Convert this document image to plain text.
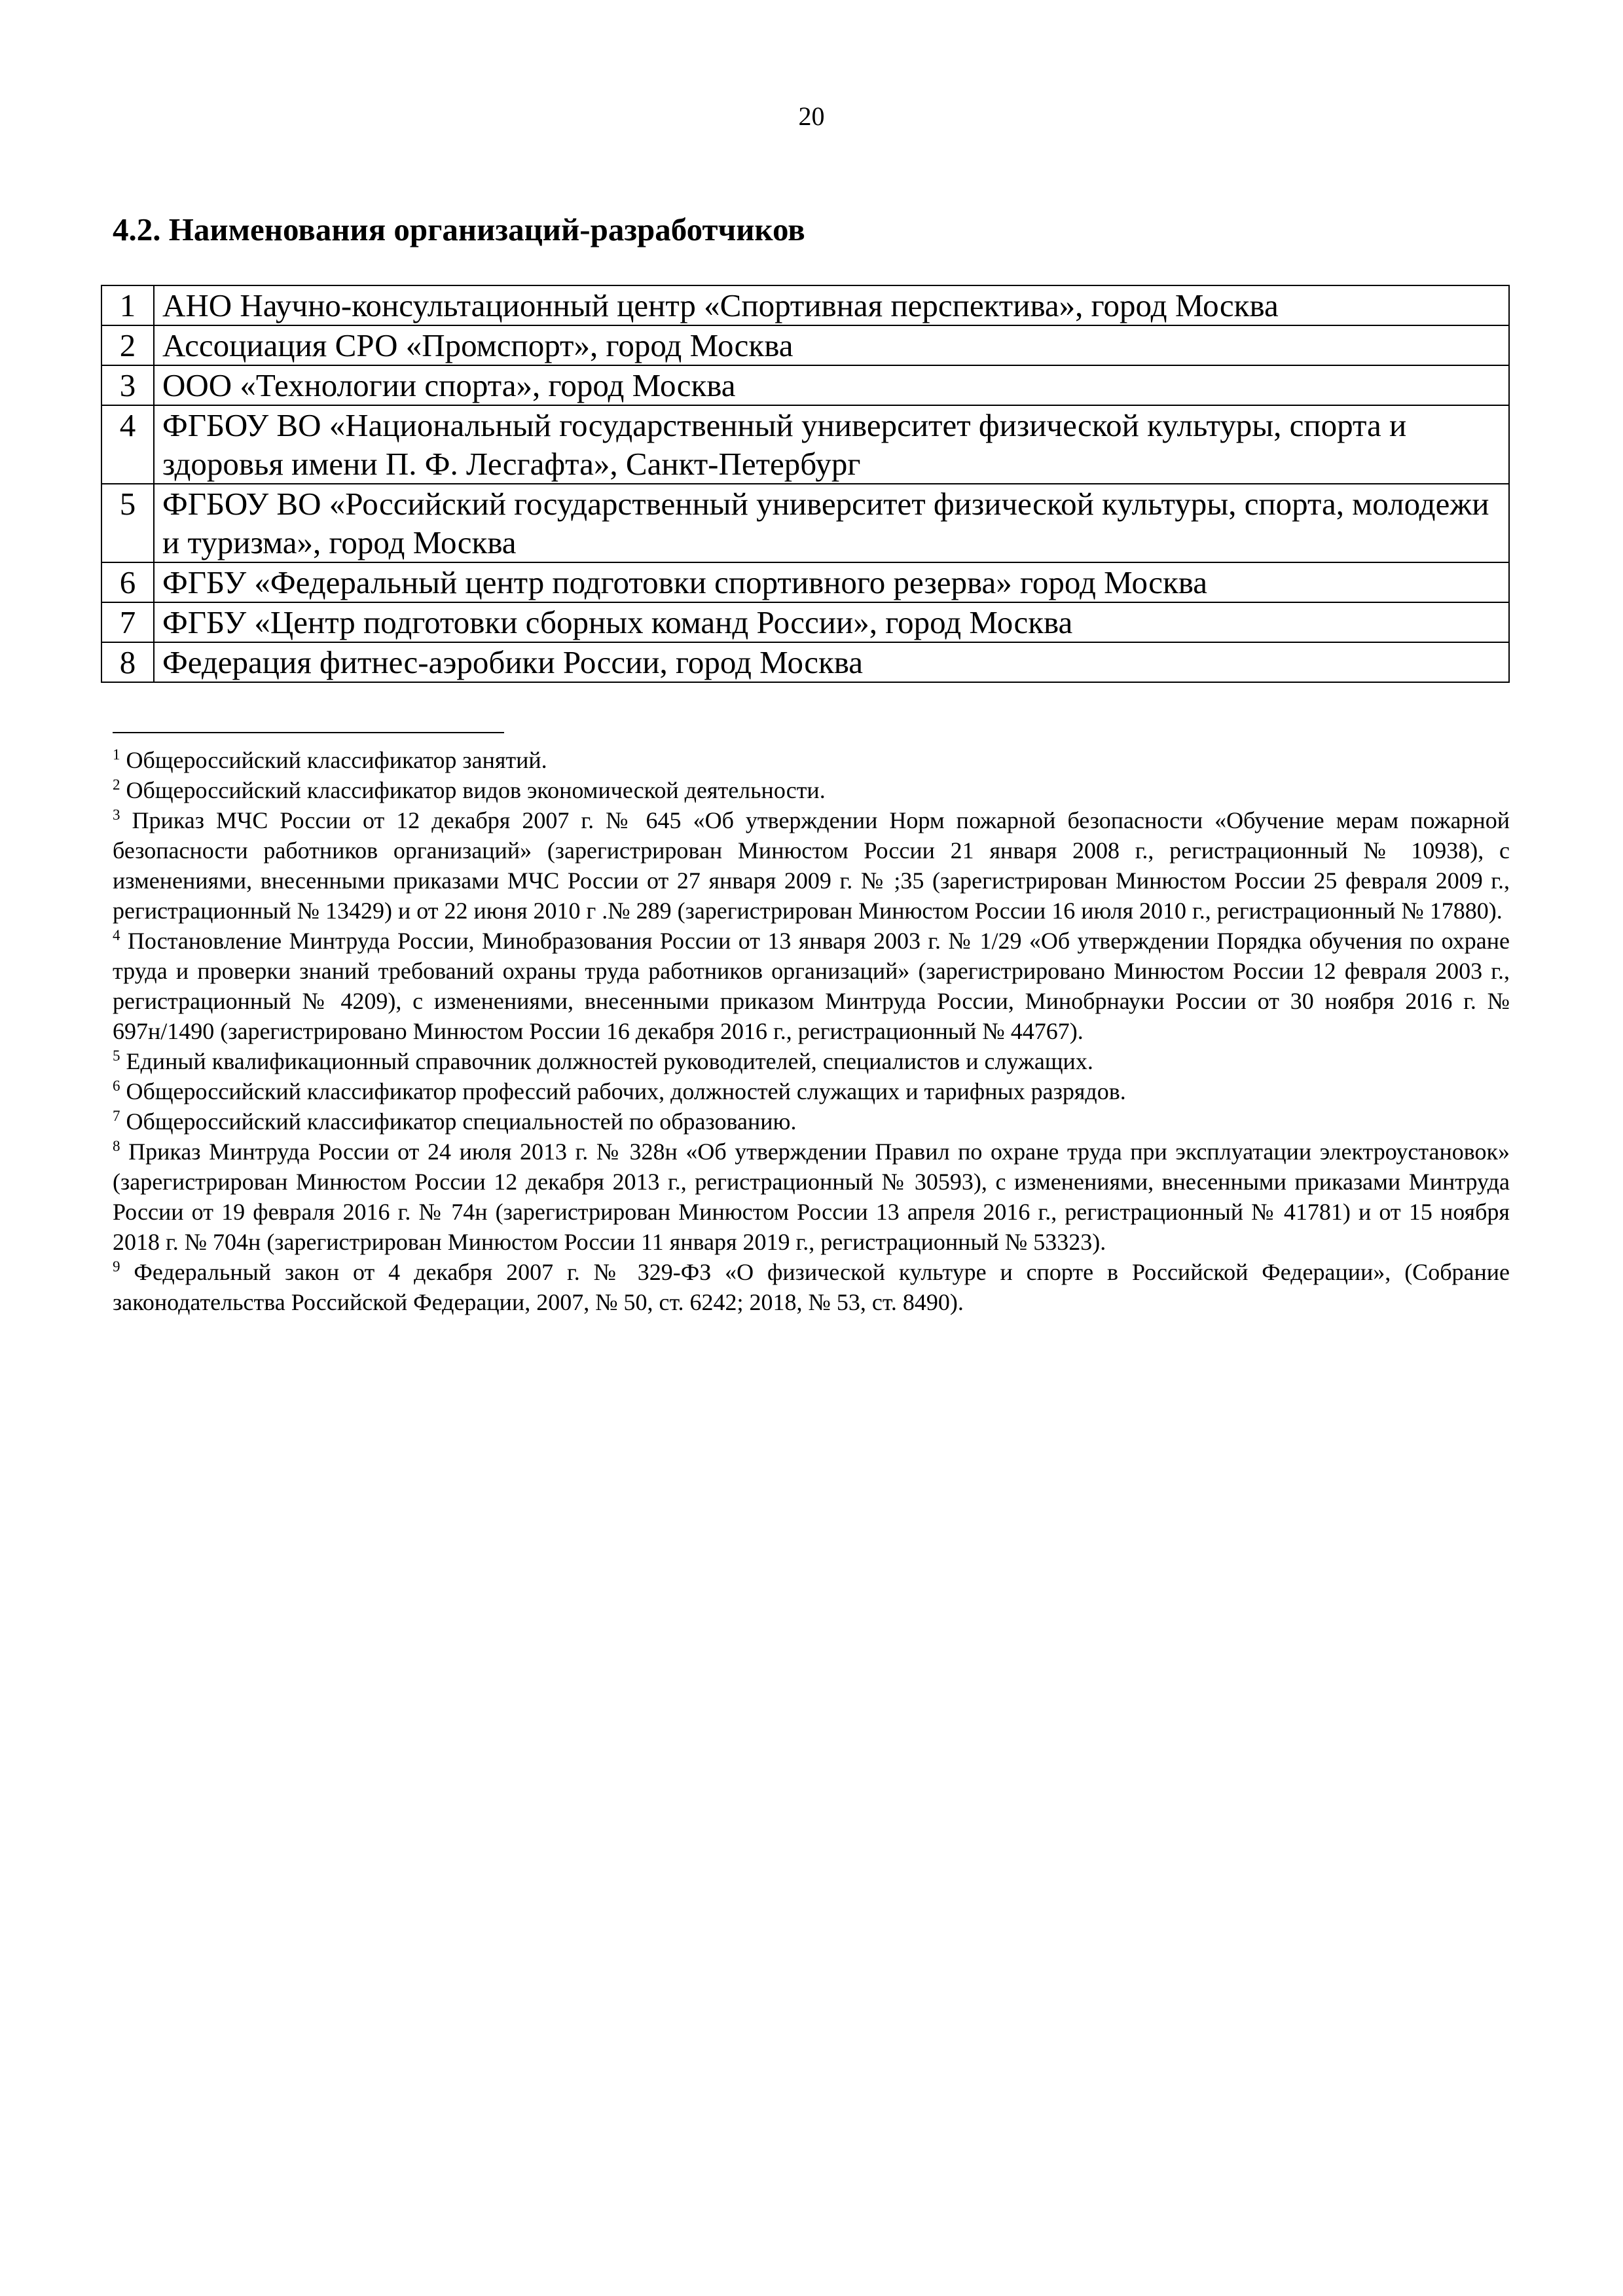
20
4.2. Наименования организаций-разработчиков
1	АНО Научно-консультационный центр «Спортивная перспектива», город Москва
2	Ассоциация СРО «Промспорт», город Москва
3	ООО «Технологии спорта», город Москва
4	ФГБОУ ВО «Национальный государственный университет физической культуры, спорта и здоровья имени П. Ф. Лесгафта», Санкт-Петербург
5	ФГБОУ ВО «Российский государственный университет физической культуры, спорта, молодежи и туризма», город Москва
6	ФГБУ «Федеральный центр подготовки спортивного резерва» город Москва
7	ФГБУ «Центр подготовки сборных команд России», город Москва
8	Федерация фитнес-аэробики России, город Москва

$^1$ Общероссийский классификатор занятий.

$^2$ Общероссийский классификатор видов экономической деятельности.

$^3$ Приказ МЧС России от 12 декабря 2007 г. № 645 «Об утверждении Норм пожарной безопасности «Обучение мерам пожарной безопасности работников организаций» (зарегистрирован Минюстом России 21 января 2008 г., регистрационный № 10938), с изменениями, внесенными приказами МЧС России от 27 января 2009 г. № ;35 (зарегистрирован Минюстом России 25 февраля 2009 г., регистрационный № 13429) и от 22 июня 2010 г .№ 289 (зарегистрирован Минюстом России 16 июля 2010 г., регистрационный № 17880).

$^4$ Постановление Минтруда России, Минобразования России от 13 января 2003 г. № 1/29 «Об утверждении Порядка обучения по охране труда и проверки знаний требований охраны труда работников организаций» (зарегистрировано Минюстом России 12 февраля 2003 г., регистрационный № 4209), с изменениями, внесенными приказом Минтруда России, Минобрнауки России от 30 ноября 2016 г. № 697н/1490 (зарегистрировано Минюстом России 16 декабря 2016 г., регистрационный № 44767).

$^5$ Единый квалификационный справочник должностей руководителей, специалистов и служащих.

$^6$ Общероссийский классификатор профессий рабочих, должностей служащих и тарифных разрядов.

$^7$ Общероссийский классификатор специальностей по образованию.

$^8$ Приказ Минтруда России от 24 июля 2013 г. № 328н «Об утверждении Правил по охране труда при эксплуатации электроустановок» (зарегистрирован Минюстом России 12 декабря 2013 г., регистрационный № 30593), с изменениями, внесенными приказами Минтруда России от 19 февраля 2016 г. № 74н (зарегистрирован Минюстом России 13 апреля 2016 г., регистрационный № 41781) и от 15 ноября 2018 г. № 704н (зарегистрирован Минюстом России 11 января 2019 г., регистрационный № 53323).

$^9$ Федеральный закон от 4 декабря 2007 г. № 329-ФЗ «О физической культуре и спорте в Российской Федерации», (Собрание законодательства Российской Федерации, 2007, № 50, ст. 6242; 2018, № 53, ст. 8490).
